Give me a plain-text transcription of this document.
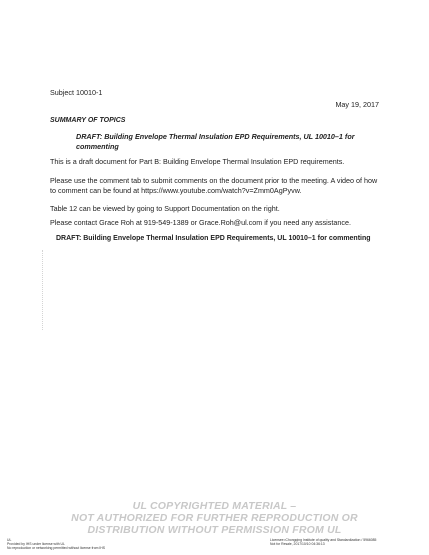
Subject 10010-1
May 19, 2017
SUMMARY OF TOPICS
DRAFT: Building Envelope Thermal Insulation EPD Requirements, UL 10010–1 for commenting
This is a draft document for Part B: Building Envelope Thermal Insulation EPD requirements.
Please use the comment tab to submit comments on the document prior to the meeting. A video of how to comment can be found at https://www.youtube.com/watch?v=Zmm0AgPyvw.
Table 12 can be viewed by going to Support Documentation on the right.
Please contact Grace Roh at 919-549-1389 or Grace.Roh@ul.com if you need any assistance.
DRAFT: Building Envelope Thermal Insulation EPD Requirements, UL 10010–1 for commenting
UL COPYRIGHTED MATERIAL –
NOT AUTHORIZED FOR FURTHER REPRODUCTION OR
DISTRIBUTION WITHOUT PERMISSION FROM UL
UL
Provided by IHS under license with UL
No reproduction or networking permitted without license from IHS
Licensee=Chongqing Institute of quality and Standardization / 5966085
Not for Resale, 2017/10/10 04:36:13
